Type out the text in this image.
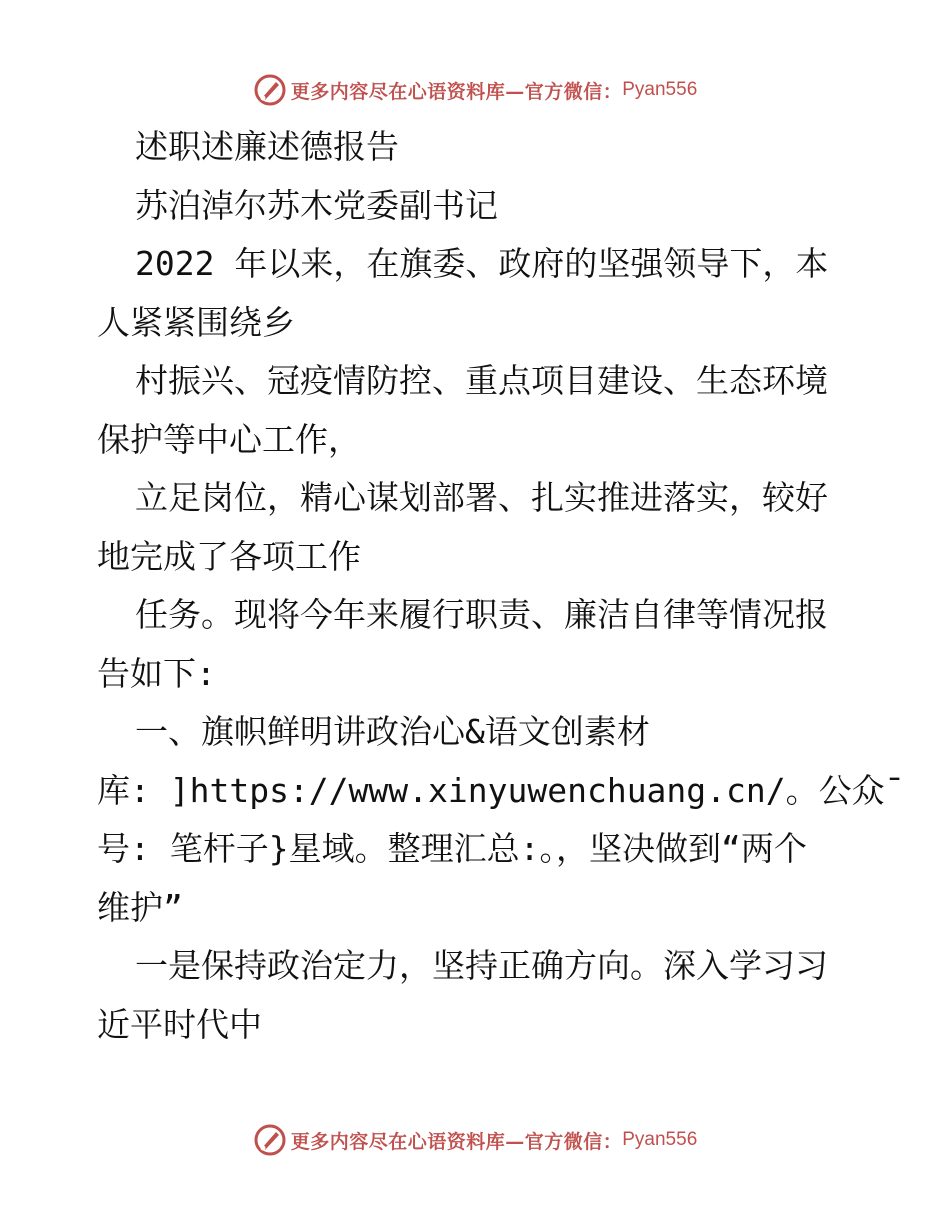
更多内容尽在心语资料库—官方微信： Pyan556

述职述廉述德报告

苏泊淖尔苏木党委副书记

2022 年以来，在旗委、政府的坚强领导下，本

人紧紧围绕乡

村振兴、冠疫情防控、重点项目建设、生态环境

保护等中心工作，

立足岗位，精心谋划部署、扎实推进落实，较好

地完成了各项工作

任务。现将今年来履行职责、廉洁自律等情况报

告如下:

一、旗帜鲜明讲政治心&语文创素材

库: ]https://www.xinyuwenchuang.cn/。公众¯

号: 笔杆子}星域。整理汇总:。，坚决做到“两个

维护”

一是保持政治定力，坚持正确方向。深入学习习

近平时代中

更多内容尽在心语资料库—官方微信： Pyan556
